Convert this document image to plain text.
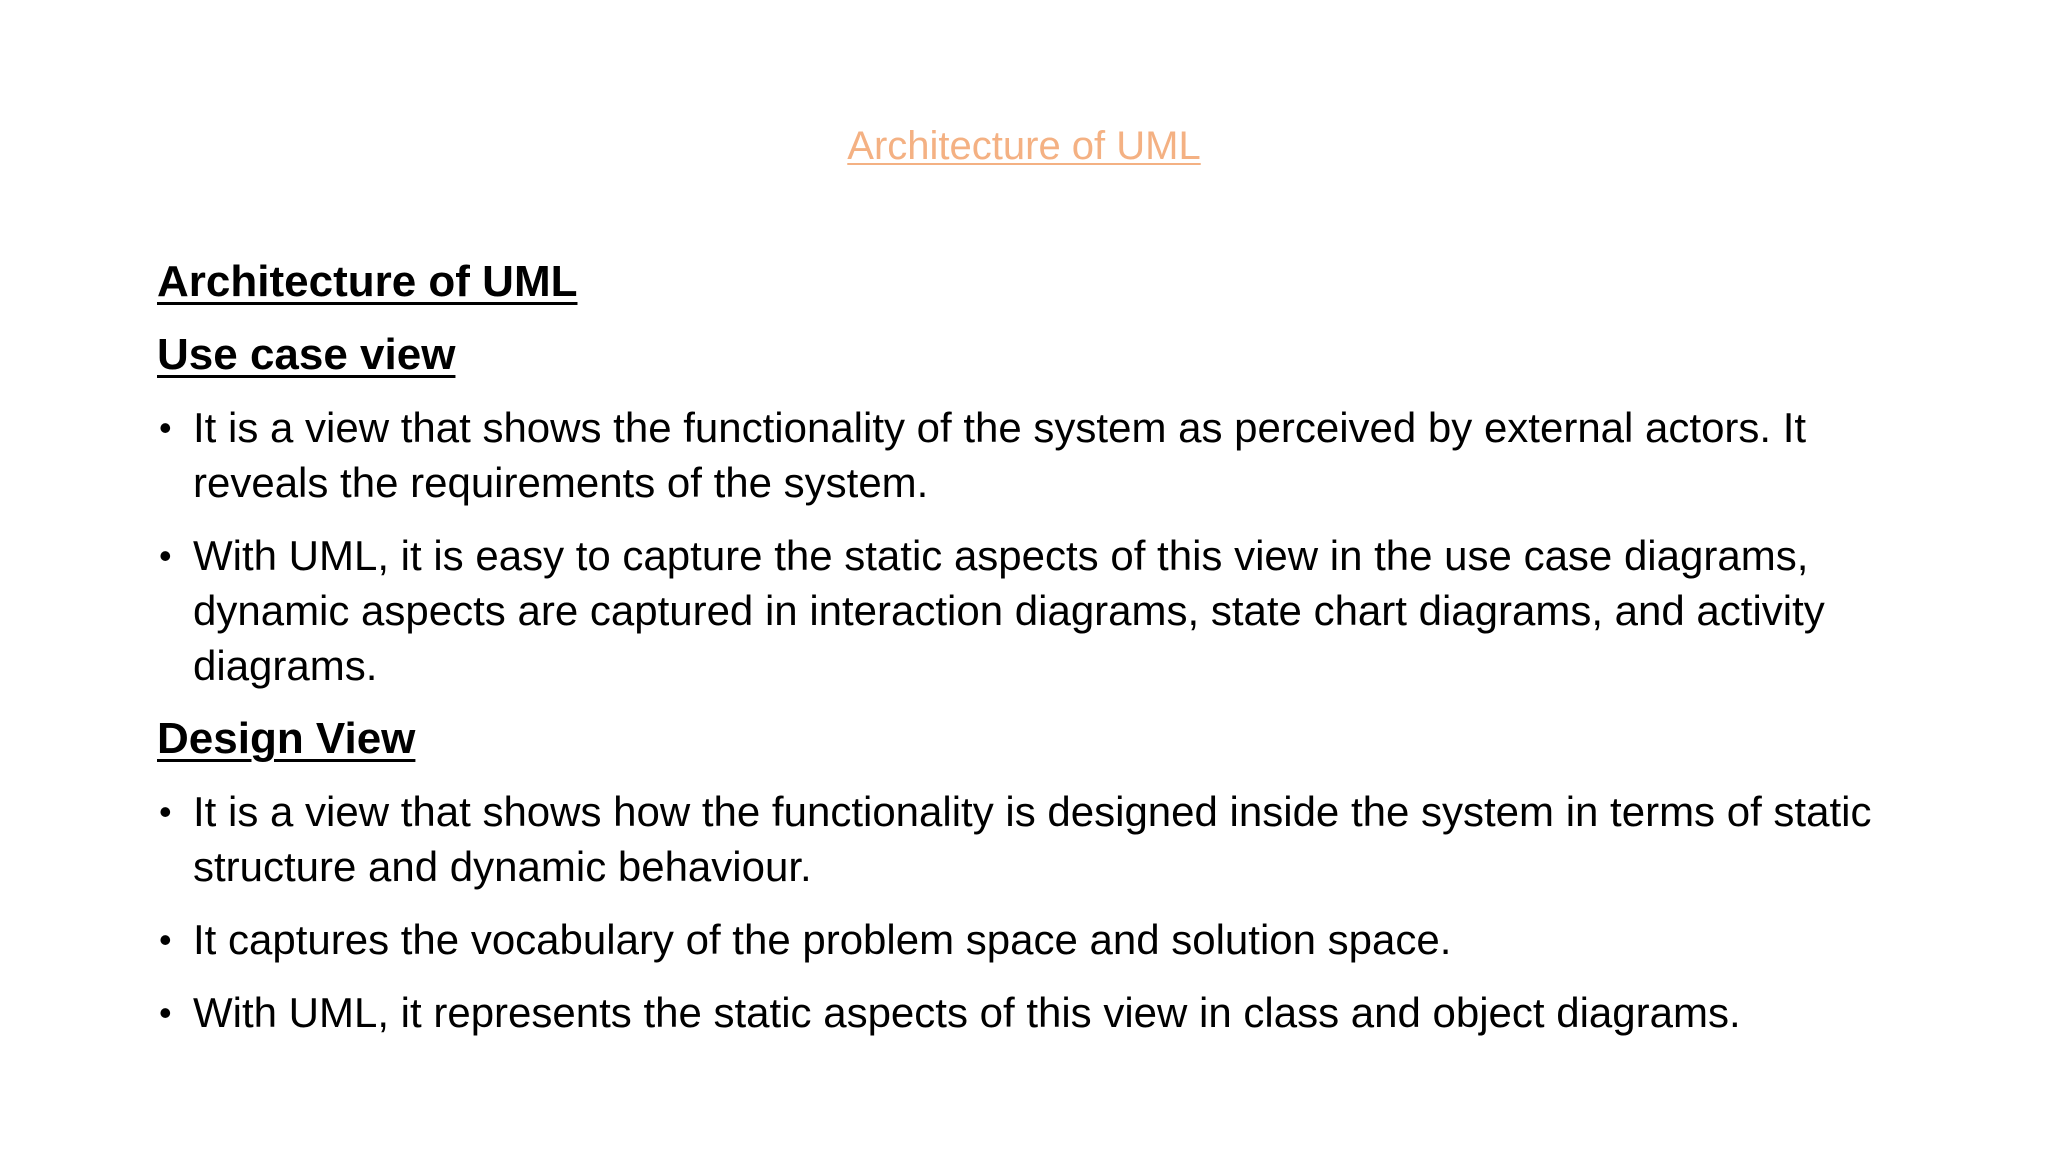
Architecture of UML
Architecture of UML
Use case view
• It is a view that shows the functionality of the system as perceived by external actors. It reveals the requirements of the system.
• With UML, it is easy to capture the static aspects of this view in the use case diagrams, dynamic aspects are captured in interaction diagrams, state chart diagrams, and activity diagrams.
Design View
• It is a view that shows how the functionality is designed inside the system in terms of static structure and dynamic behaviour.
• It captures the vocabulary of the problem space and solution space.
• With UML, it represents the static aspects of this view in class and object diagrams.
